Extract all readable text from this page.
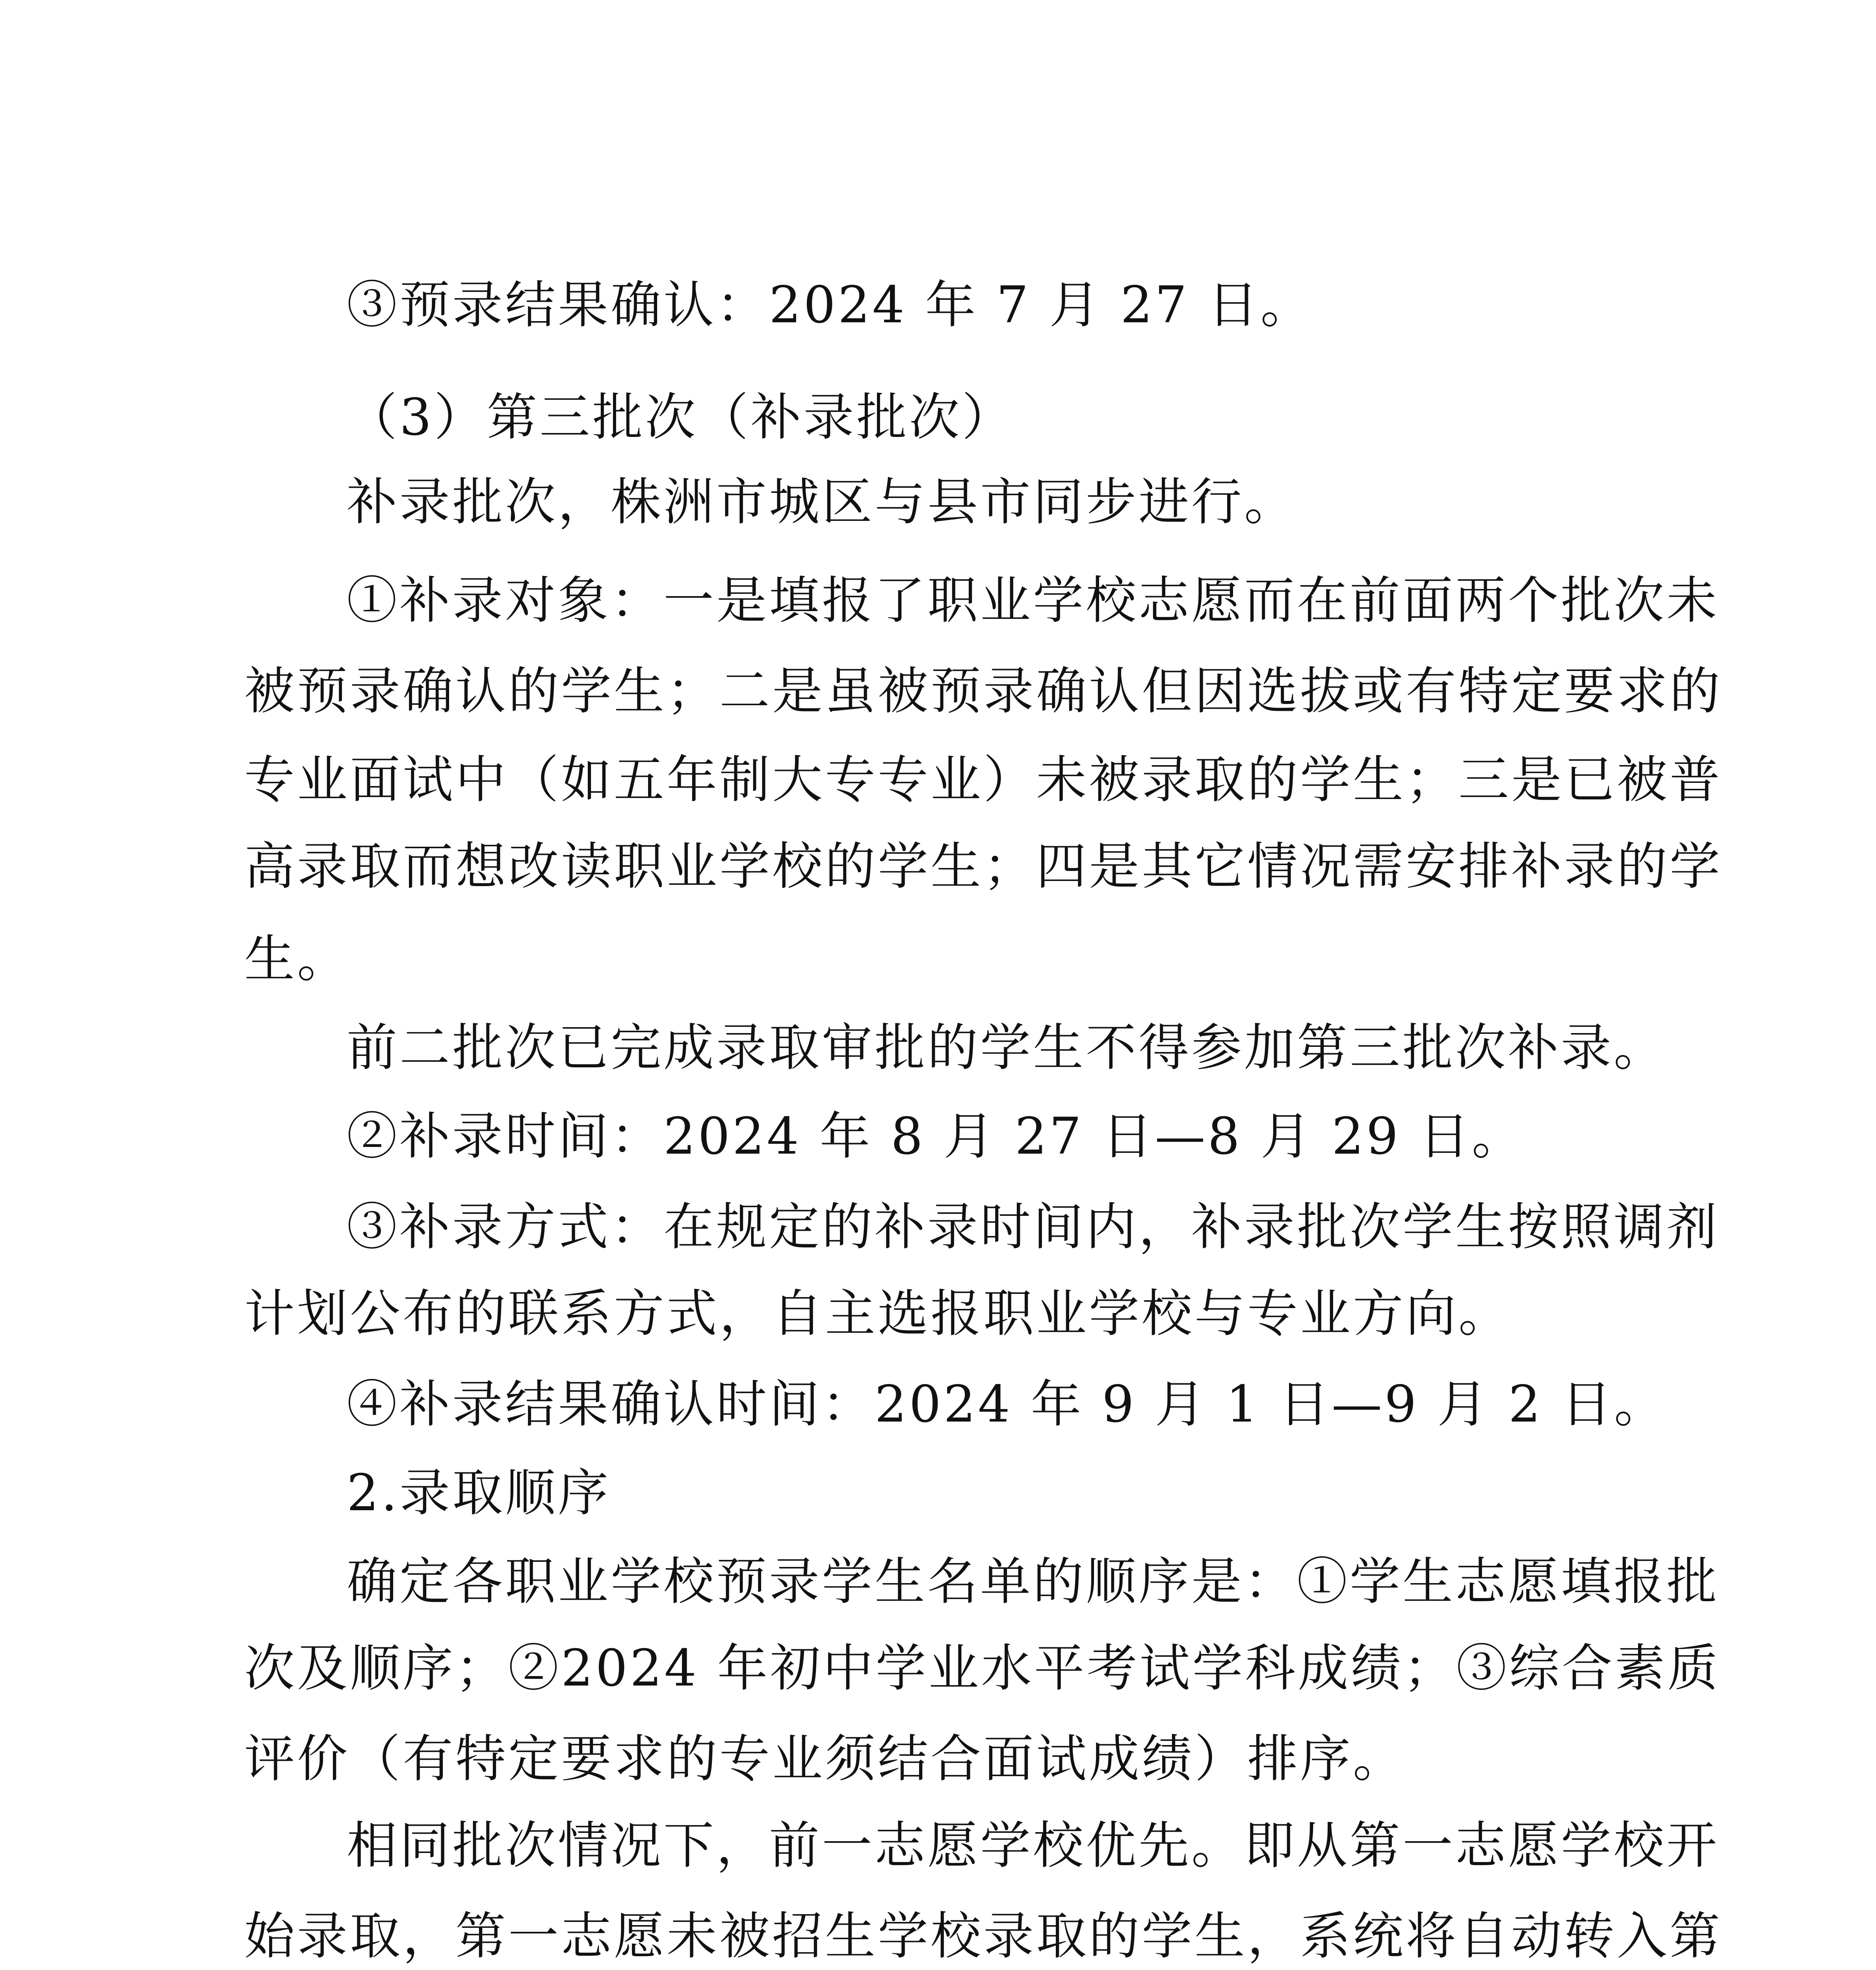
③预录结果确认：2024 年 7 月 27 日。
（3）第三批次（补录批次）
补录批次，株洲市城区与县市同步进行。
①补录对象：一是填报了职业学校志愿而在前面两个批次未
被预录确认的学生；二是虽被预录确认但因选拔或有特定要求的
专业面试中（如五年制大专专业）未被录取的学生；三是已被普
高录取而想改读职业学校的学生；四是其它情况需安排补录的学
生。
前二批次已完成录取审批的学生不得参加第三批次补录。
②补录时间：2024 年 8 月 27 日—8 月 29 日。
③补录方式：在规定的补录时间内，补录批次学生按照调剂
计划公布的联系方式，自主选报职业学校与专业方向。
④补录结果确认时间：2024 年 9 月 1 日—9 月 2 日。
2.录取顺序
确定各职业学校预录学生名单的顺序是：①学生志愿填报批
次及顺序；②2024 年初中学业水平考试学科成绩；③综合素质
评价（有特定要求的专业须结合面试成绩）排序。
相同批次情况下，前一志愿学校优先。即从第一志愿学校开
始录取，第一志愿未被招生学校录取的学生，系统将自动转入第
